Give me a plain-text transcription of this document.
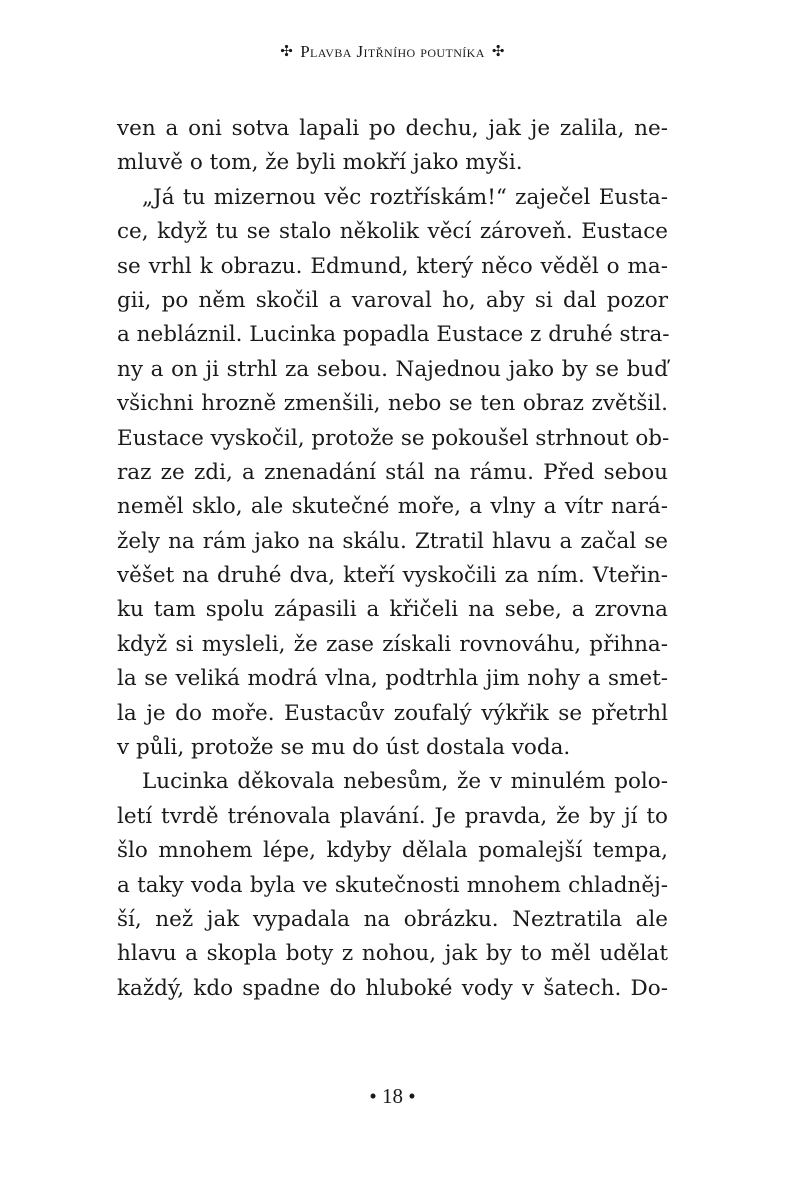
✣ Plavba Jitřního poutníka ✣
ven a oni sotva lapali po dechu, jak je zalila, ne-
mluvě o tom, že byli mokří jako myši.
„Já tu mizernou věc roztřískám!“ zaječel Eusta-
ce, když tu se stalo několik věcí zároveň. Eustace
se vrhl k obrazu. Edmund, který něco věděl o ma-
gii, po něm skočil a varoval ho, aby si dal pozor
a nebláznil. Lucinka popadla Eustace z druhé stra-
ny a on ji strhl za sebou. Najednou jako by se buď
všichni hrozně zmenšili, nebo se ten obraz zvětšil.
Eustace vyskočil, protože se pokoušel strhnout ob-
raz ze zdi, a znenadání stál na rámu. Před sebou
neměl sklo, ale skutečné moře, a vlny a vítr nará-
žely na rám jako na skálu. Ztratil hlavu a začal se
věšet na druhé dva, kteří vyskočili za ním. Vteřin-
ku tam spolu zápasili a křičeli na sebe, a zrovna
když si mysleli, že zase získali rovnováhu, přihna-
la se veliká modrá vlna, podtrhla jim nohy a smet-
la je do moře. Eustacův zoufalý výkřik se přetrhl
v půli, protože se mu do úst dostala voda.
Lucinka děkovala nebesům, že v minulém polo-
letí tvrdě trénovala plavání. Je pravda, že by jí to
šlo mnohem lépe, kdyby dělala pomalejší tempa,
a taky voda byla ve skutečnosti mnohem chladněj-
ší, než jak vypadala na obrázku. Neztratila ale
hlavu a skopla boty z nohou, jak by to měl udělat
každý, kdo spadne do hluboké vody v šatech. Do-
• 18 •
